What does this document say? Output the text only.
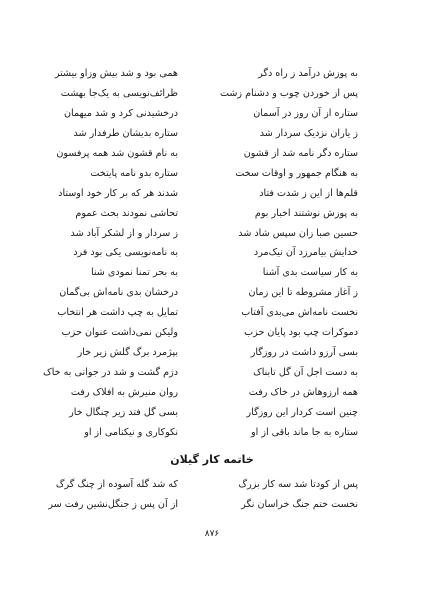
به پوزش درآمد ز راه دگر
پس از خوردن چوب و دشنام زشت
ستاره از آن روز در آسمان
ز یاران نزدیک سردار شد
ستاره دگر نامه شد از قشون
به هنگام جمهور و اوقات سخت
قلم‌ها از این ز شدت فتاد
به پوزش نوشتند اخبار بوم
حسین صبا زان سپس شاد شد
خدایش بیامرزد آن نیک‌مرد
به کار سیاست بدی آشنا
ز آغاز مشروطه تا این زمان
نخست نامه‌اش می‌بدی آفتاب
دموکرات چپ بود پایان حزب
بسی آرزو داشت در روزگار
به دست اجل آن گل تابناک
همه ارزوهاش در خاک رفت
چنین است کردار این روزگار
ستاره به جا ماند باقی از او
همی بود و شد بیش وزاو بیشتر
ظرائف‌نویسی به یک‌جا بهشت
درخشیدنی کرد و شد میهمان
ستاره بدیشان طرفدار شد
به نام قشون شد همه پرفسون
ستاره بدو نامه پایتخت
شدند هر که بر کار خود اوستاد
تحاشی نمودند بحث عموم
ز سردار و از لشکر آباد شد
به نامه‌نویسی یکی بود فرد
به بحر تمنا نمودی شنا
درخشان بدی نامه‌اش بی‌گمان
تمایل به چپ داشت هر انتخاب
ولیکن نمی‌داشت عنوان حزب
بپژمرد برگ گلش زیر خار
دژم گشت و شد در جوانی به خاک
روان منیرش به افلاک رفت
بسی گل فتد زیر چنگال خار
نکوکاری و نیکنامی از او
خاتمه کار گیلان
پس از کودتا شد سه کار بزرگ
نخست ختم جنگ خراسان نگر
که شد گله آسوده از چنگ گرگ
از آن پس ز جنگل‌نشین رفت سر
۸۷۶
